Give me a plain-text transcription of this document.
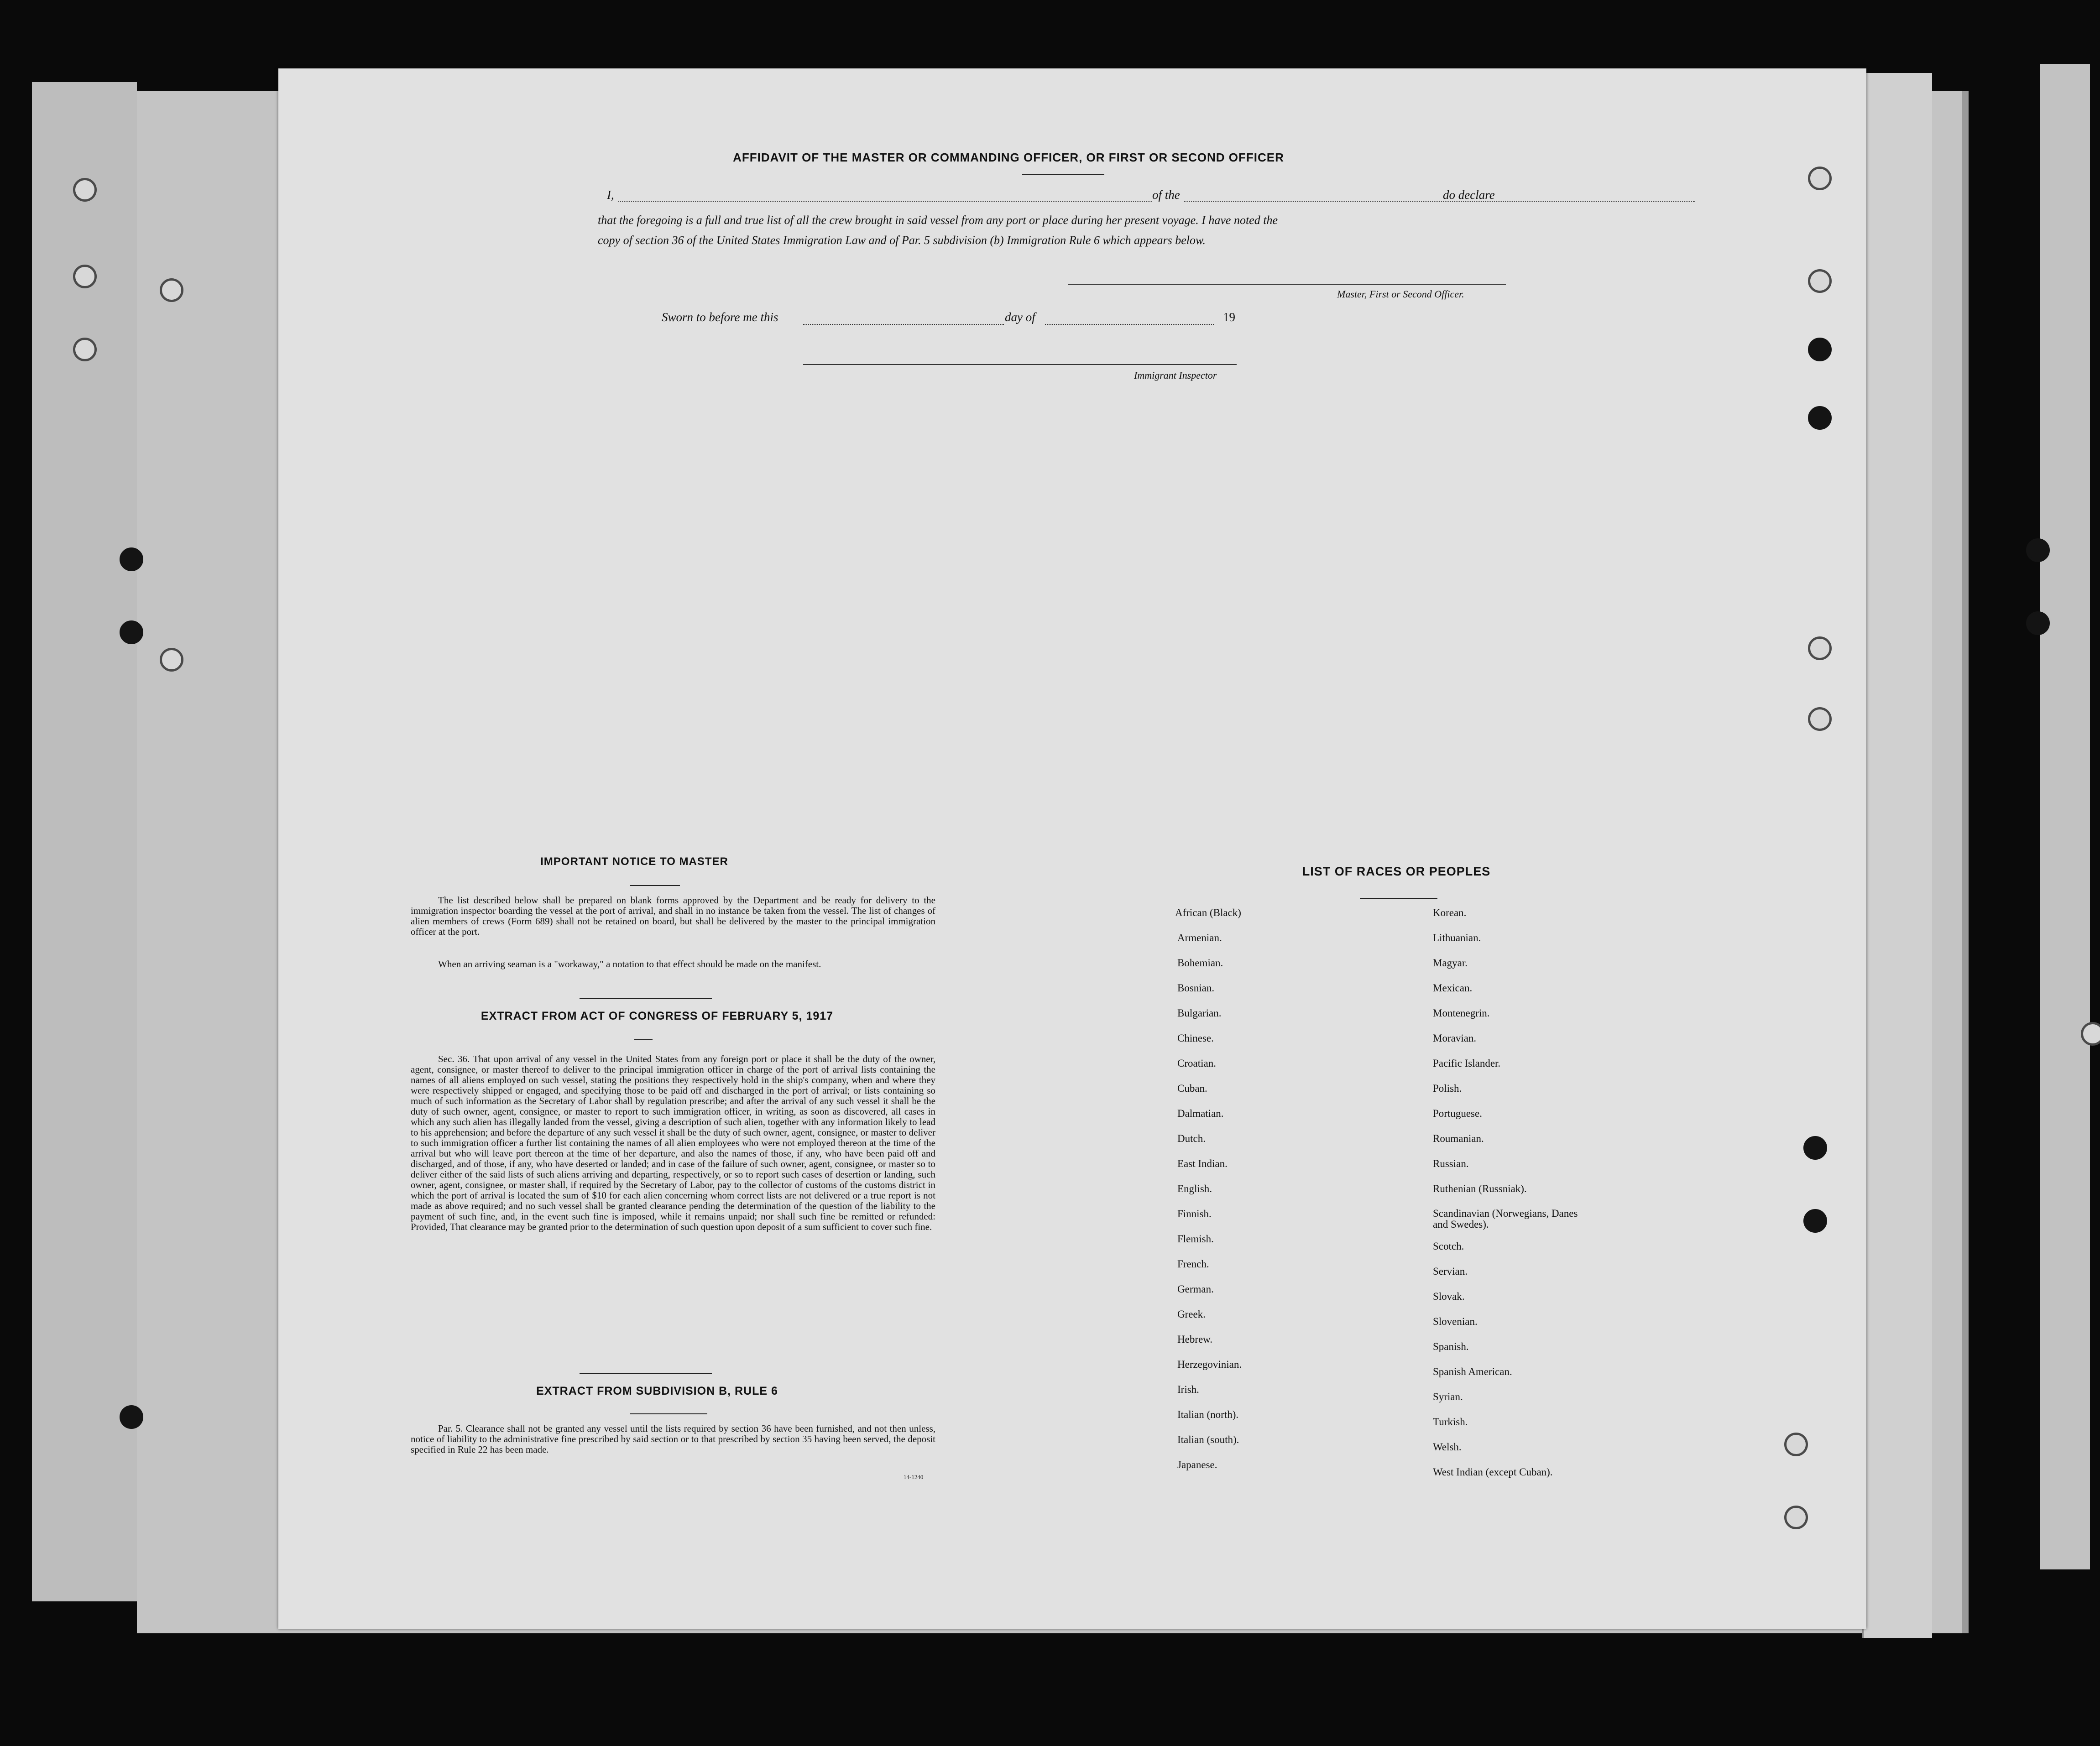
AFFIDAVIT OF THE MASTER OR COMMANDING OFFICER, OR FIRST OR SECOND OFFICER
I,	of the	do declare
that the foregoing is a full and true list of all the crew brought in said vessel from any port or place during her present voyage. I have noted the
copy of section 36 of the United States Immigration Law and of Par. 5 subdivision (b) Immigration Rule 6 which appears below.
Master, First or Second Officer.
Sworn to before me this	day of	19
Immigrant Inspector
IMPORTANT NOTICE TO MASTER
The list described below shall be prepared on blank forms approved by the Department and be ready for delivery to the immigration inspector boarding the vessel at the port of arrival, and shall in no instance be taken from the vessel. The list of changes of alien members of crews (Form 689) shall not be retained on board, but shall be delivered by the master to the principal immigration officer at the port.
When an arriving seaman is a "workaway," a notation to that effect should be made on the manifest.
EXTRACT FROM ACT OF CONGRESS OF FEBRUARY 5, 1917
Sec. 36. That upon arrival of any vessel in the United States from any foreign port or place it shall be the duty of the owner, agent, consignee, or master thereof to deliver to the principal immigration officer in charge of the port of arrival lists containing the names of all aliens employed on such vessel, stating the positions they respectively hold in the ship's company, when and where they were respectively shipped or engaged, and specifying those to be paid off and discharged in the port of arrival; or lists containing so much of such information as the Secretary of Labor shall by regulation prescribe; and after the arrival of any such vessel it shall be the duty of such owner, agent, consignee, or master to report to such immigration officer, in writing, as soon as discovered, all cases in which any such alien has illegally landed from the vessel, giving a description of such alien, together with any information likely to lead to his apprehension; and before the departure of any such vessel it shall be the duty of such owner, agent, consignee, or master to deliver to such immigration officer a further list containing the names of all alien employees who were not employed thereon at the time of the arrival but who will leave port thereon at the time of her departure, and also the names of those, if any, who have been paid off and discharged, and of those, if any, who have deserted or landed; and in case of the failure of such owner, agent, consignee, or master so to deliver either of the said lists of such aliens arriving and departing, respectively, or so to report such cases of desertion or landing, such owner, agent, consignee, or master shall, if required by the Secretary of Labor, pay to the collector of customs of the customs district in which the port of arrival is located the sum of $10 for each alien concerning whom correct lists are not delivered or a true report is not made as above required; and no such vessel shall be granted clearance pending the determination of the question of the liability to the payment of such fine, and, in the event such fine is imposed, while it remains unpaid; nor shall such fine be remitted or refunded: Provided, That clearance may be granted prior to the determination of such question upon deposit of a sum sufficient to cover such fine.
EXTRACT FROM SUBDIVISION B, RULE 6
Par. 5. Clearance shall not be granted any vessel until the lists required by section 36 have been furnished, and not then unless, notice of liability to the administrative fine prescribed by said section or to that prescribed by section 35 having been served, the deposit specified in Rule 22 has been made.
14-1240
LIST OF RACES OR PEOPLES
African (Black)
Armenian.
Bohemian.
Bosnian.
Bulgarian.
Chinese.
Croatian.
Cuban.
Dalmatian.
Dutch.
East Indian.
English.
Finnish.
Flemish.
French.
German.
Greek.
Hebrew.
Herzegovinian.
Irish.
Italian (north).
Italian (south).
Japanese.
Korean.
Lithuanian.
Magyar.
Mexican.
Montenegrin.
Moravian.
Pacific Islander.
Polish.
Portuguese.
Roumanian.
Russian.
Ruthenian (Russniak).
Scandinavian (Norwegians, Danes and Swedes).
Scotch.
Servian.
Slovak.
Slovenian.
Spanish.
Spanish American.
Syrian.
Turkish.
Welsh.
West Indian (except Cuban).
